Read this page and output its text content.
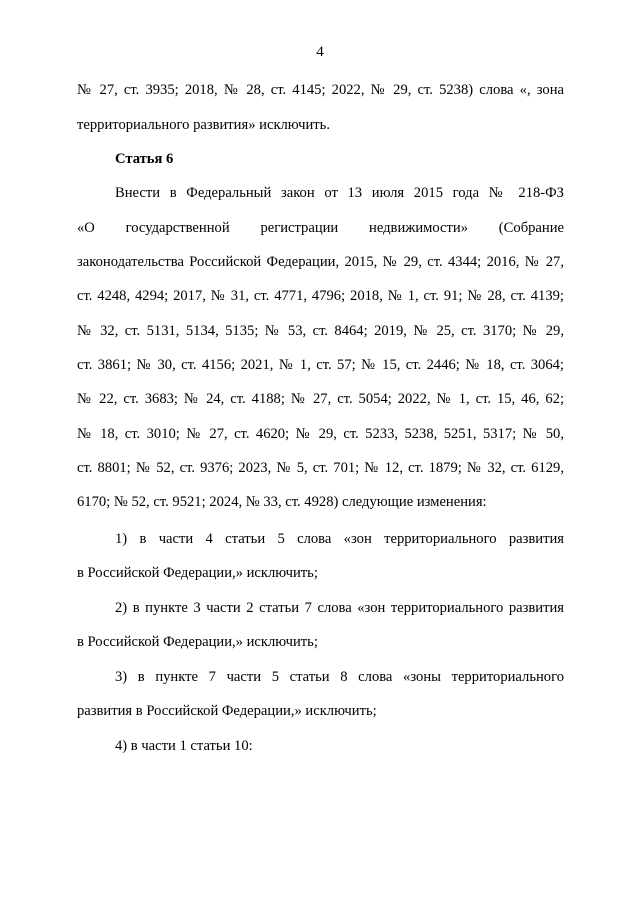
4
№ 27, ст. 3935; 2018, № 28, ст. 4145; 2022, № 29, ст. 5238) слова «, зона
территориального развития» исключить.
Статья 6
Внести в Федеральный закон от 13 июля 2015 года № 218-ФЗ
«О государственной регистрации недвижимости» (Собрание
законодательства Российской Федерации, 2015, № 29, ст. 4344; 2016, № 27,
ст. 4248, 4294; 2017, № 31, ст. 4771, 4796; 2018, № 1, ст. 91; № 28, ст. 4139;
№ 32, ст. 5131, 5134, 5135; № 53, ст. 8464; 2019, № 25, ст. 3170; № 29,
ст. 3861; № 30, ст. 4156; 2021, № 1, ст. 57; № 15, ст. 2446; № 18, ст. 3064;
№ 22, ст. 3683; № 24, ст. 4188; № 27, ст. 5054; 2022, № 1, ст. 15, 46, 62;
№ 18, ст. 3010; № 27, ст. 4620; № 29, ст. 5233, 5238, 5251, 5317; № 50,
ст. 8801; № 52, ст. 9376; 2023, № 5, ст. 701; № 12, ст. 1879; № 32, ст. 6129,
6170; № 52, ст. 9521; 2024, № 33, ст. 4928) следующие изменения:
1) в части 4 статьи 5 слова «зон территориального развития
в Российской Федерации,» исключить;
2) в пункте 3 части 2 статьи 7 слова «зон территориального развития
в Российской Федерации,» исключить;
3) в пункте 7 части 5 статьи 8 слова «зоны территориального
развития в Российской Федерации,» исключить;
4) в части 1 статьи 10:
